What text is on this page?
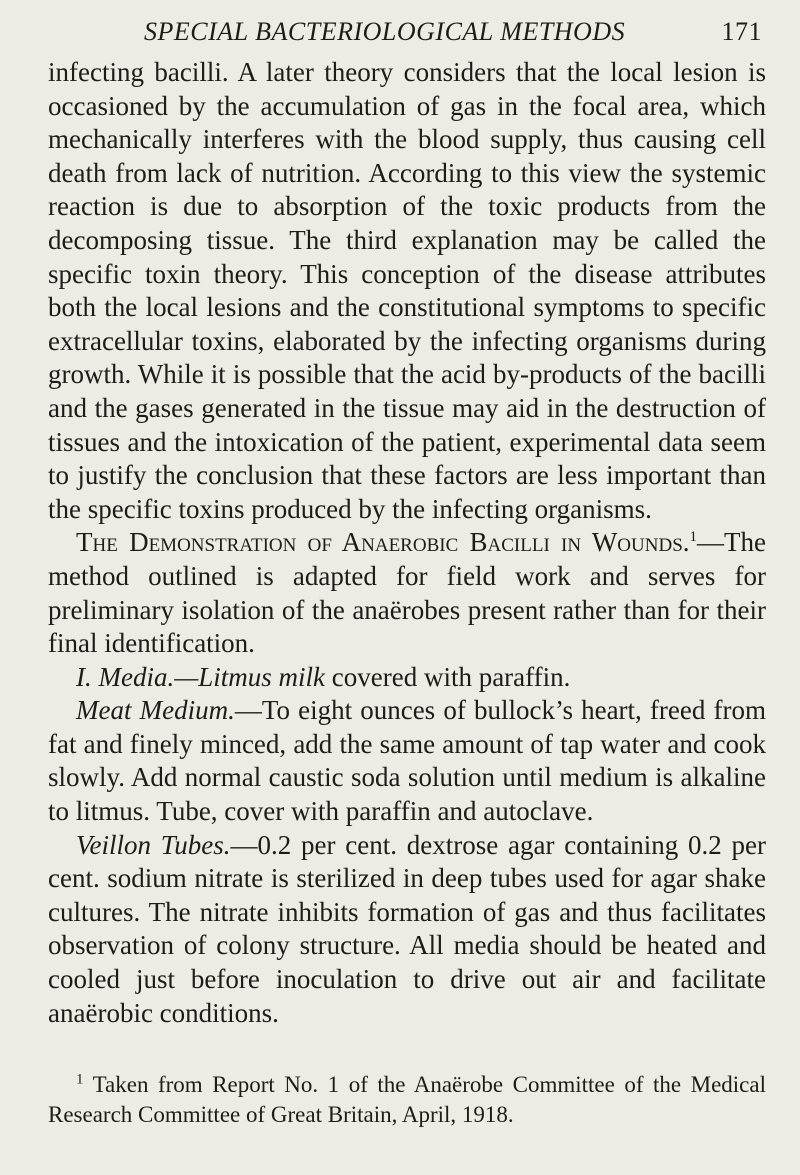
SPECIAL BACTERIOLOGICAL METHODS	171

infecting bacilli. A later theory considers that the local lesion is occasioned by the accumulation of gas in the focal area, which mechanically interferes with the blood supply, thus causing cell death from lack of nutrition. According to this view the systemic reaction is due to absorption of the toxic products from the decomposing tissue. The third explanation may be called the specific toxin theory. This conception of the disease attributes both the local lesions and the constitutional symptoms to specific extracellular toxins, elaborated by the infecting organisms during growth. While it is possible that the acid by-products of the bacilli and the gases generated in the tissue may aid in the destruction of tissues and the intoxication of the patient, experimental data seem to justify the conclusion that these factors are less important than the specific toxins produced by the infecting organisms.

The Demonstration of Anaerobic Bacilli in Wounds.$^1$—The method outlined is adapted for field work and serves for preliminary isolation of the anaërobes present rather than for their final identification.

I. Media.—Litmus milk covered with paraffin.

Meat Medium.—To eight ounces of bullock’s heart, freed from fat and finely minced, add the same amount of tap water and cook slowly. Add normal caustic soda solution until medium is alkaline to litmus. Tube, cover with paraffin and autoclave.

Veillon Tubes.—0.2 per cent. dextrose agar containing 0.2 per cent. sodium nitrate is sterilized in deep tubes used for agar shake cultures. The nitrate inhibits formation of gas and thus facilitates observation of colony structure. All media should be heated and cooled just before inoculation to drive out air and facilitate anaërobic conditions.

$^1$ Taken from Report No. 1 of the Anaërobe Committee of the Medical Research Committee of Great Britain, April, 1918.
